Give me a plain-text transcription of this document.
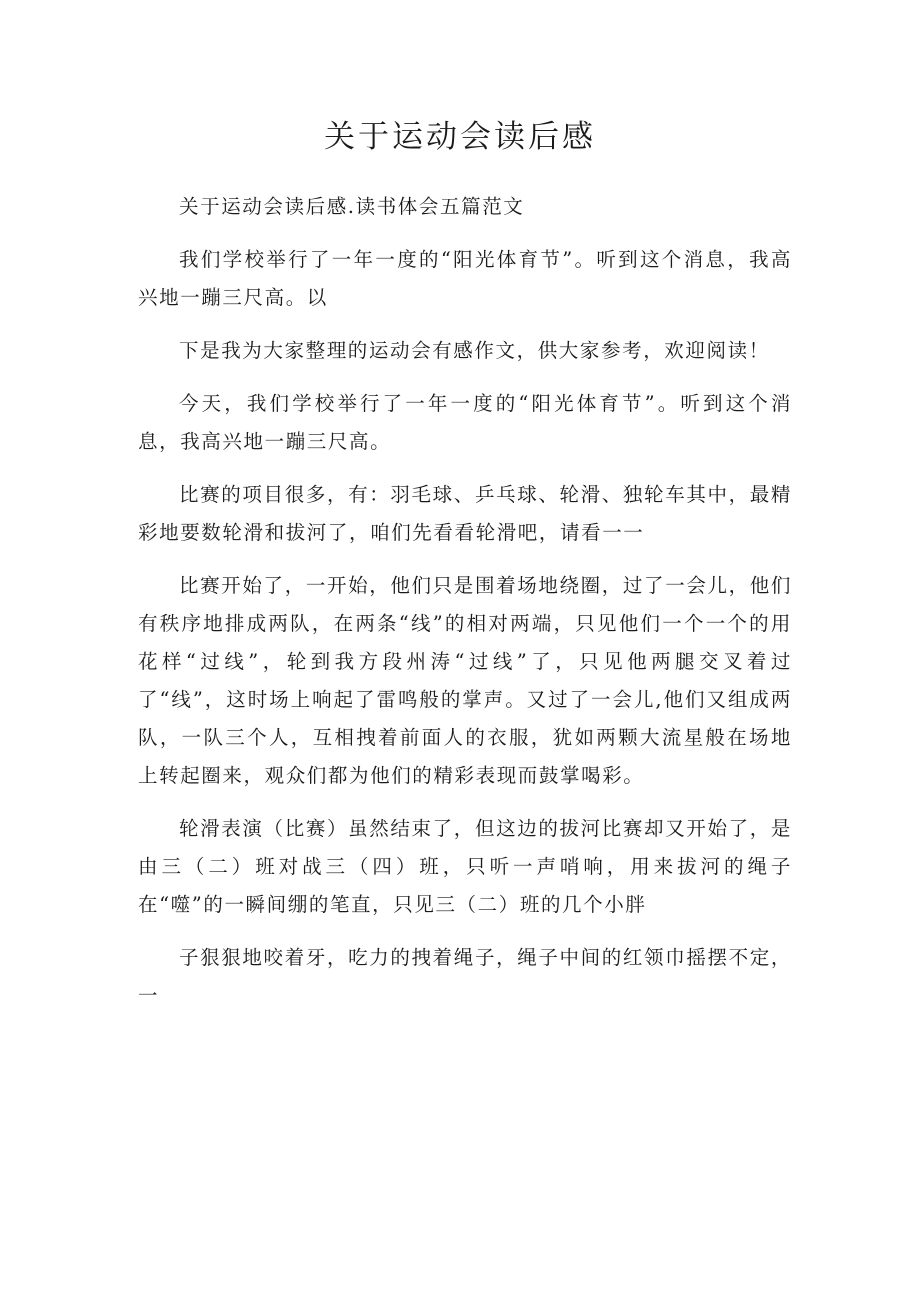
关于运动会读后感

关于运动会读后感.读书体会五篇范文

我们学校举行了一年一度的“阳光体育节”。听到这个消息，我高兴地一蹦三尺高。以

下是我为大家整理的运动会有感作文，供大家参考，欢迎阅读！

今天，我们学校举行了一年一度的“阳光体育节”。听到这个消息，我高兴地一蹦三尺高。

比赛的项目很多，有：羽毛球、乒乓球、轮滑、独轮车其中，最精彩地要数轮滑和拔河了，咱们先看看轮滑吧，请看一一

比赛开始了，一开始，他们只是围着场地绕圈，过了一会儿，他们有秩序地排成两队，在两条“线”的相对两端，只见他们一个一个的用花样“过线”，轮到我方段州涛“过线”了，只见他两腿交叉着过了“线”，这时场上响起了雷鸣般的掌声。又过了一会儿,他们又组成两队，一队三个人，互相拽着前面人的衣服，犹如两颗大流星般在场地上转起圈来，观众们都为他们的精彩表现而鼓掌喝彩。

轮滑表演（比赛）虽然结束了，但这边的拔河比赛却又开始了，是由三（二）班对战三（四）班，只听一声哨响，用来拔河的绳子在“噬”的一瞬间绷的笔直，只见三（二）班的几个小胖

子狠狠地咬着牙，吃力的拽着绳子，绳子中间的红领巾摇摆不定，一
